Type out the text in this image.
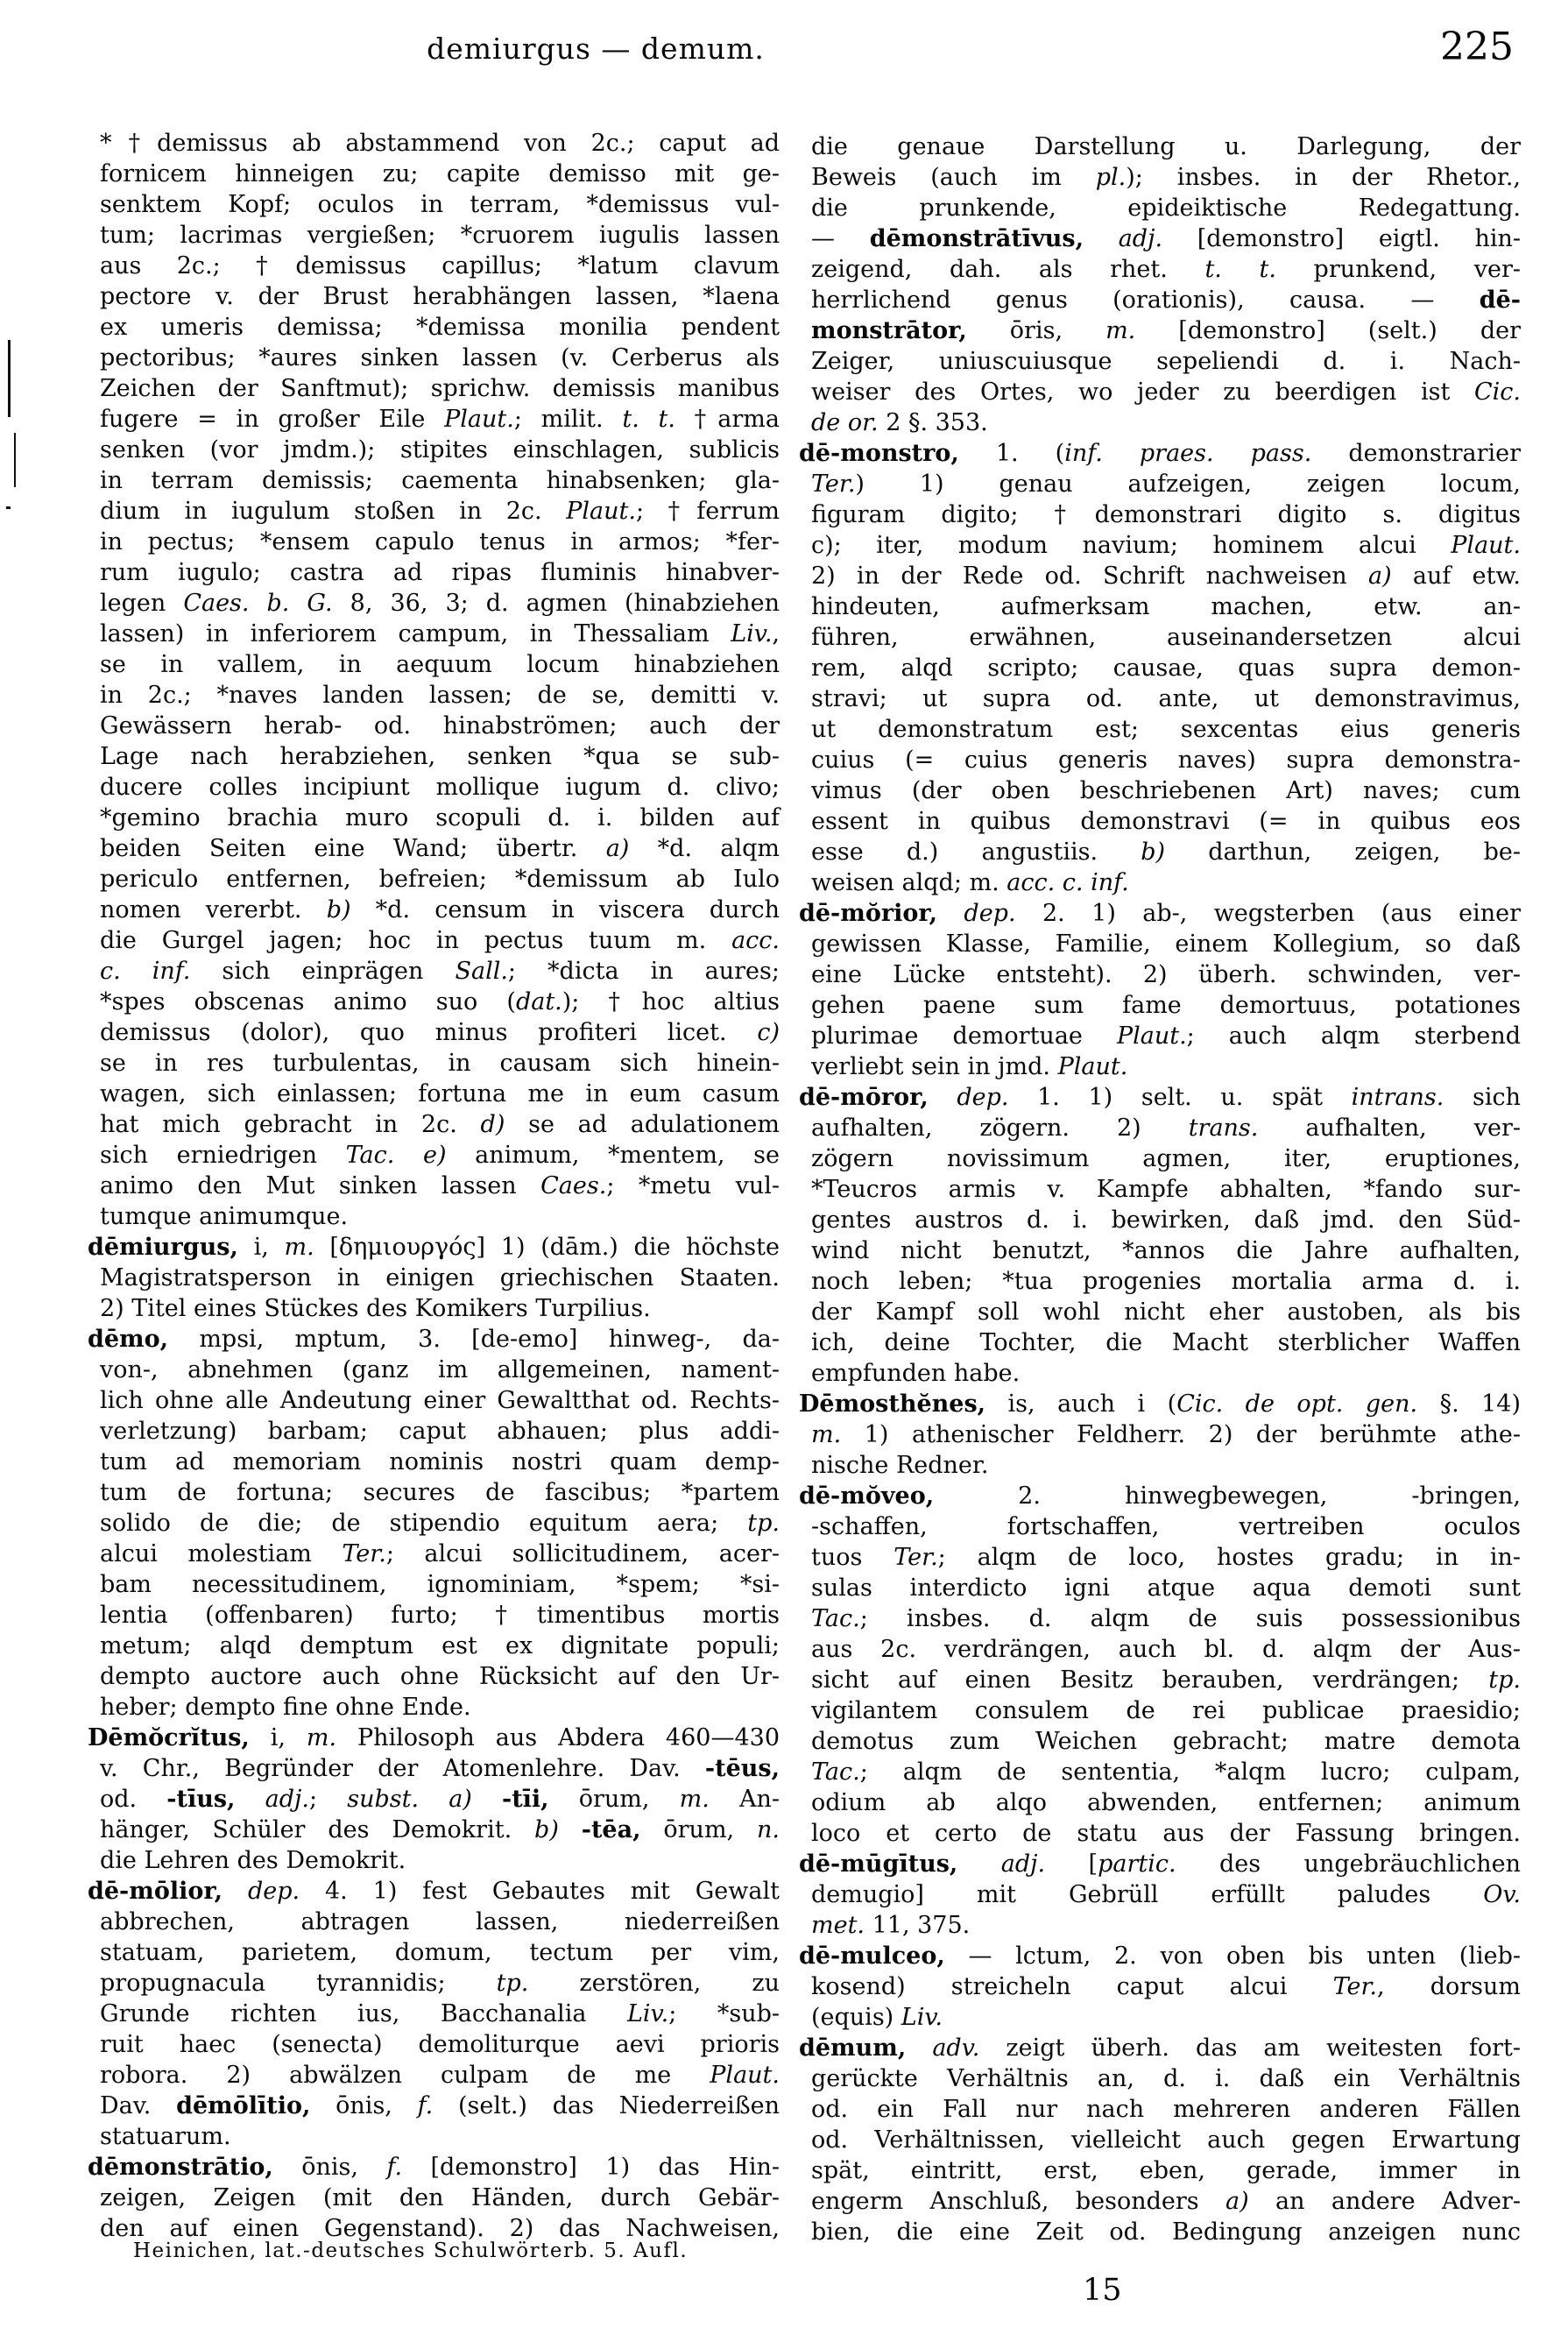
demiurgus — demum.	225
*†demissus ab abstammend von 2c.; caput ad
fornicem hinneigen zu; capite demisso mit ge-
senktem Kopf; oculos in terram, *demissus vul-
tum; lacrimas vergießen; *cruorem iugulis lassen
aus 2c.; †demissus capillus; *latum clavum
pectore v. der Brust herabhängen lassen, *laena
ex umeris demissa; *demissa monilia pendent
pectoribus; *aures sinken lassen (v. Cerberus als
Zeichen der Sanftmut); sprichw. demissis manibus
fugere = in großer Eile Plaut.; milit. t. t. †arma
senken (vor jmdm.); stipites einschlagen, sublicis
in terram demissis; caementa hinabsenken; gla-
dium in iugulum stoßen in 2c. Plaut.; †ferrum
in pectus; *ensem capulo tenus in armos; *fer-
rum iugulo; castra ad ripas fluminis hinabver-
legen Caes. b. G. 8, 36, 3; d. agmen (hinabziehen
lassen) in inferiorem campum, in Thessaliam Liv.,
se in vallem, in aequum locum hinabziehen
in 2c.; *naves landen lassen; de se, demitti v.
Gewässern herab- od. hinabströmen; auch der
Lage nach herabziehen, senken *qua se sub-
ducere colles incipiunt mollique iugum d. clivo;
*gemino brachia muro scopuli d. i. bilden auf
beiden Seiten eine Wand; übertr. a) *d. alqm
periculo entfernen, befreien; *demissum ab Iulo
nomen vererbt. b) *d. censum in viscera durch
die Gurgel jagen; hoc in pectus tuum m. acc.
c. inf. sich einprägen Sall.; *dicta in aures;
*spes obscenas animo suo (dat.); †hoc altius
demissus (dolor), quo minus profiteri licet. c)
se in res turbulentas, in causam sich hinein-
wagen, sich einlassen; fortuna me in eum casum
hat mich gebracht in 2c. d) se ad adulationem
sich erniedrigen Tac. e) animum, *mentem, se
animo den Mut sinken lassen Caes.; *metu vul-
tumque animumque.
dēmiurgus, i, m. [δημιουργός] 1) (dām.) die höchste
Magistratsperson in einigen griechischen Staaten.
2) Titel eines Stückes des Komikers Turpilius.
dēmo, mpsi, mptum, 3. [de-emo] hinweg-, da-
von-, abnehmen (ganz im allgemeinen, nament-
lich ohne alle Andeutung einer Gewaltthat od. Rechts-
verletzung) barbam; caput abhauen; plus addi-
tum ad memoriam nominis nostri quam demp-
tum de fortuna; secures de fascibus; *partem
solido de die; de stipendio equitum aera; tp.
alcui molestiam Ter.; alcui sollicitudinem, acer-
bam necessitudinem, ignominiam, *spem; *si-
lentia (offenbaren) furto; †timentibus mortis
metum; alqd demptum est ex dignitate populi;
dempto auctore auch ohne Rücksicht auf den Ur-
heber; dempto fine ohne Ende.
Dēmŏcrĭtus, i, m. Philosoph aus Abdera 460—430
v. Chr., Begründer der Atomenlehre. Dav. -tēus,
od. -tīus, adj.; subst. a) -tīi, ōrum, m. An-
hänger, Schüler des Demokrit. b) -tēa, ōrum, n.
die Lehren des Demokrit.
dē-mōlior, dep. 4. 1) fest Gebautes mit Gewalt
abbrechen, abtragen lassen, niederreißen
statuam, parietem, domum, tectum per vim,
propugnacula tyrannidis; tp. zerstören, zu
Grunde richten ius, Bacchanalia Liv.; *sub-
ruit haec (senecta) demoliturque aevi prioris
robora. 2) abwälzen culpam de me Plaut.
Dav. dēmōlītio, ōnis, f. (selt.) das Niederreißen
statuarum.
dēmonstrātio, ōnis, f. [demonstro] 1) das Hin-
zeigen, Zeigen (mit den Händen, durch Gebär-
den auf einen Gegenstand). 2) das Nachweisen,
die genaue Darstellung u. Darlegung, der
Beweis (auch im pl.); insbes. in der Rhetor.,
die prunkende, epideiktische Redegattung.
— dēmonstrātīvus, adj. [demonstro] eigtl. hin-
zeigend, dah. als rhet. t. t. prunkend, ver-
herrlichend genus (orationis), causa. — dē-
monstrātor, ōris, m. [demonstro] (selt.) der
Zeiger, uniuscuiusque sepeliendi d. i. Nach-
weiser des Ortes, wo jeder zu beerdigen ist Cic.
de or. 2 §. 353.
dē-monstro, 1. (inf. praes. pass. demonstrarier
Ter.) 1) genau aufzeigen, zeigen locum,
figuram digito; †demonstrari digito s. digitus
c); iter, modum navium; hominem alcui Plaut.
2) in der Rede od. Schrift nachweisen a) auf etw.
hindeuten, aufmerksam machen, etw. an-
führen, erwähnen, auseinandersetzen alcui
rem, alqd scripto; causae, quas supra demon-
stravi; ut supra od. ante, ut demonstravimus,
ut demonstratum est; sexcentas eius generis
cuius (= cuius generis naves) supra demonstra-
vimus (der oben beschriebenen Art) naves; cum
essent in quibus demonstravi (= in quibus eos
esse d.) angustiis. b) darthun, zeigen, be-
weisen alqd; m. acc. c. inf.
dē-mŏrior, dep. 2. 1) ab-, wegsterben (aus einer
gewissen Klasse, Familie, einem Kollegium, so daß
eine Lücke entsteht). 2) überh. schwinden, ver-
gehen paene sum fame demortuus, potationes
plurimae demortuae Plaut.; auch alqm sterbend
verliebt sein in jmd. Plaut.
dē-mōror, dep. 1. 1) selt. u. spät intrans. sich
aufhalten, zögern. 2) trans. aufhalten, ver-
zögern novissimum agmen, iter, eruptiones,
*Teucros armis v. Kampfe abhalten, *fando sur-
gentes austros d. i. bewirken, daß jmd. den Süd-
wind nicht benutzt, *annos die Jahre aufhalten,
noch leben; *tua progenies mortalia arma d. i.
der Kampf soll wohl nicht eher austoben, als bis
ich, deine Tochter, die Macht sterblicher Waffen
empfunden habe.
Dēmosthĕnes, is, auch i (Cic. de opt. gen. §. 14)
m. 1) athenischer Feldherr. 2) der berühmte athe-
nische Redner.
dē-mŏveo, 2. hinwegbewegen, -bringen,
-schaffen, fortschaffen, vertreiben oculos
tuos Ter.; alqm de loco, hostes gradu; in in-
sulas interdicto igni atque aqua demoti sunt
Tac.; insbes. d. alqm de suis possessionibus
aus 2c. verdrängen, auch bl. d. alqm der Aus-
sicht auf einen Besitz berauben, verdrängen; tp.
vigilantem consulem de rei publicae praesidio;
demotus zum Weichen gebracht; matre demota
Tac.; alqm de sententia, *alqm lucro; culpam,
odium ab alqo abwenden, entfernen; animum
loco et certo de statu aus der Fassung bringen.
dē-mūgītus, adj. [partic. des ungebräuchlichen
demugio] mit Gebrüll erfüllt paludes Ov.
met. 11, 375.
dē-mulceo, — lctum, 2. von oben bis unten (lieb-
kosend) streicheln caput alcui Ter., dorsum
(equis) Liv.
dēmum, adv. zeigt überh. das am weitesten fort-
gerückte Verhältnis an, d. i. daß ein Verhältnis
od. ein Fall nur nach mehreren anderen Fällen
od. Verhältnissen, vielleicht auch gegen Erwartung
spät, eintritt, erst, eben, gerade, immer in
engerm Anschluß, besonders a) an andere Adver-
bien, die eine Zeit od. Bedingung anzeigen nunc
Heinichen, lat.-deutsches Schulwörterb. 5. Aufl.
15
